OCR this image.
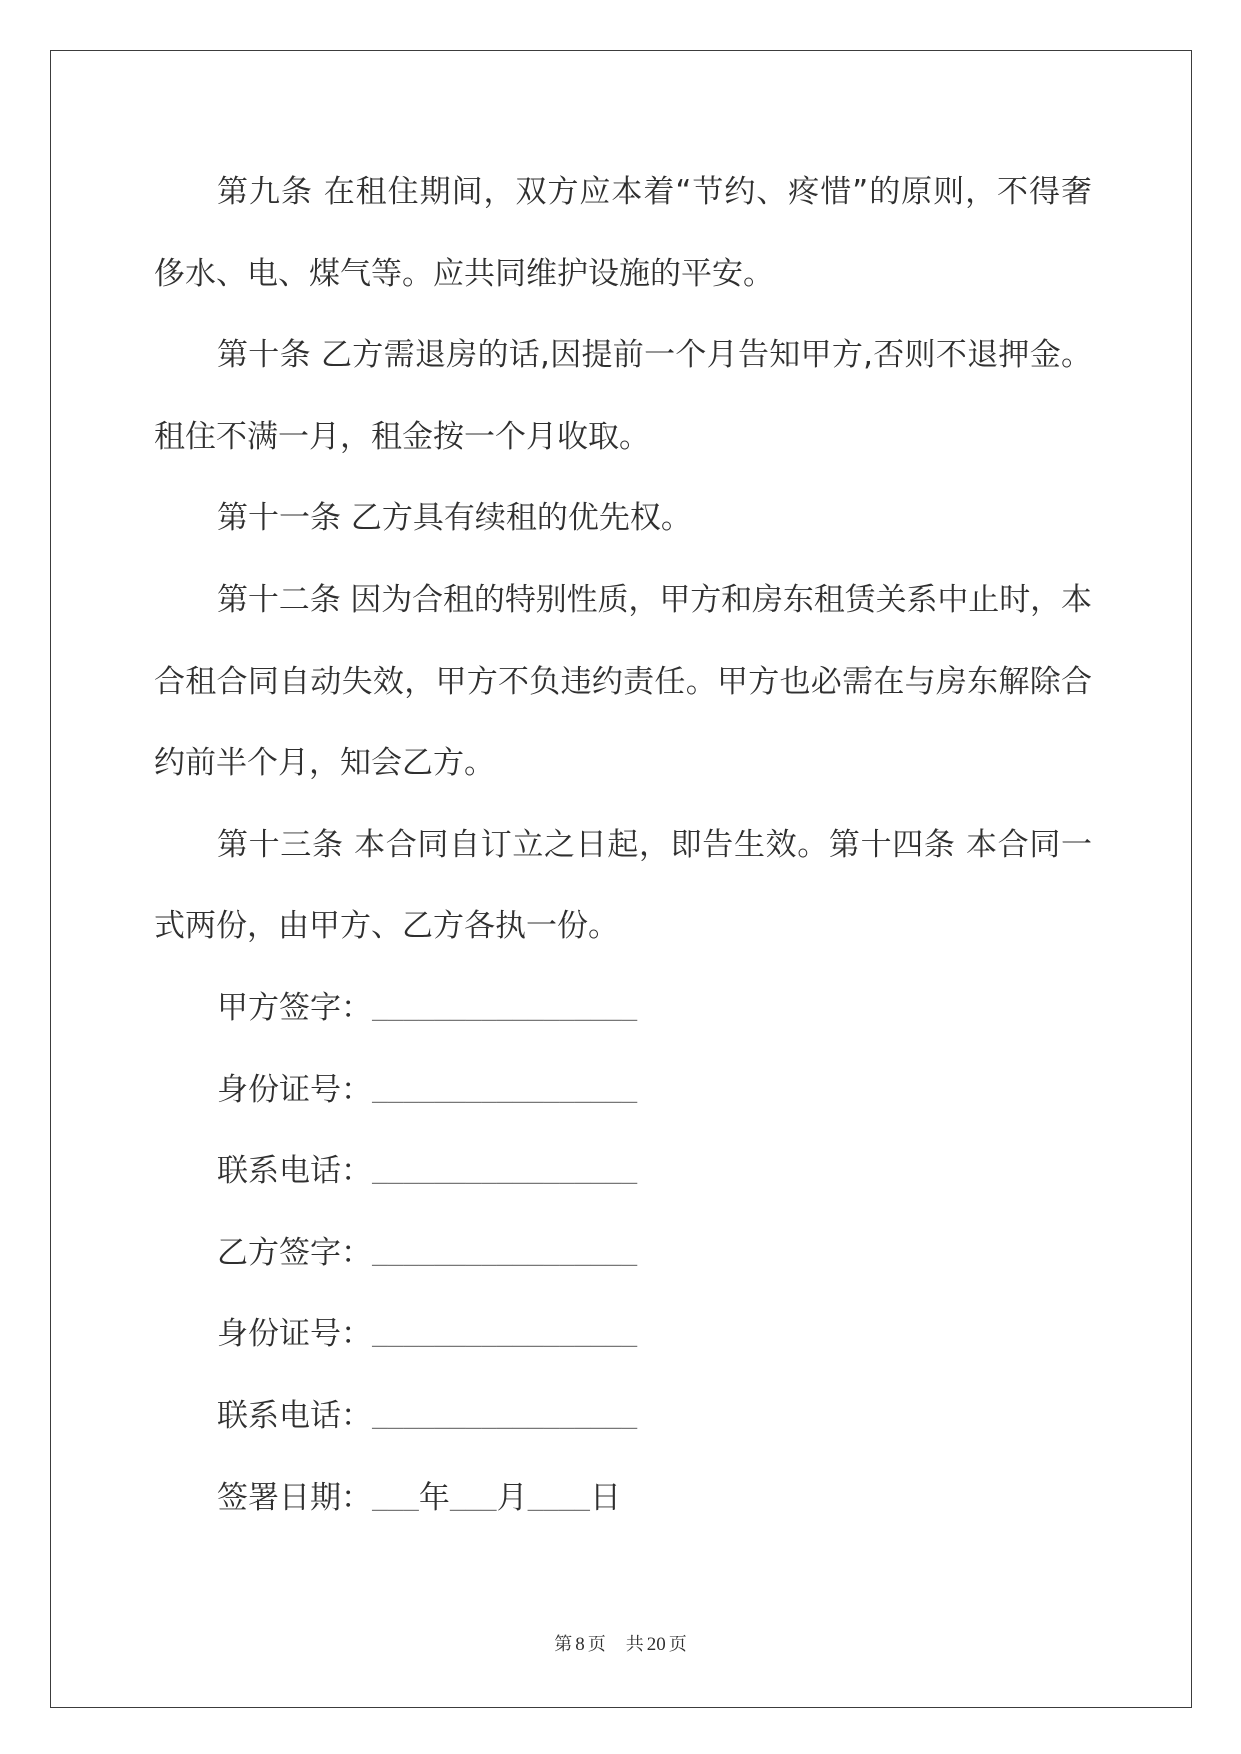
第九条 在租住期间，双方应本着“节约、疼惜”的原则，不得奢
侈水、电、煤气等。应共同维护设施的平安。
第十条 乙方需退房的话,因提前一个月告知甲方,否则不退押金。
租住不满一月，租金按一个月收取。
第十一条 乙方具有续租的优先权。
第十二条 因为合租的特别性质，甲方和房东租赁关系中止时，本
合租合同自动失效，甲方不负违约责任。甲方也必需在与房东解除合
约前半个月，知会乙方。
第十三条 本合同自订立之日起，即告生效。第十四条 本合同一
式两份，由甲方、乙方各执一份。
甲方签字：_________________
身份证号：_________________
联系电话：_________________
乙方签字：_________________
身份证号：_________________
联系电话：_________________
签署日期：___年___月____日
第 8 页 共 20 页
